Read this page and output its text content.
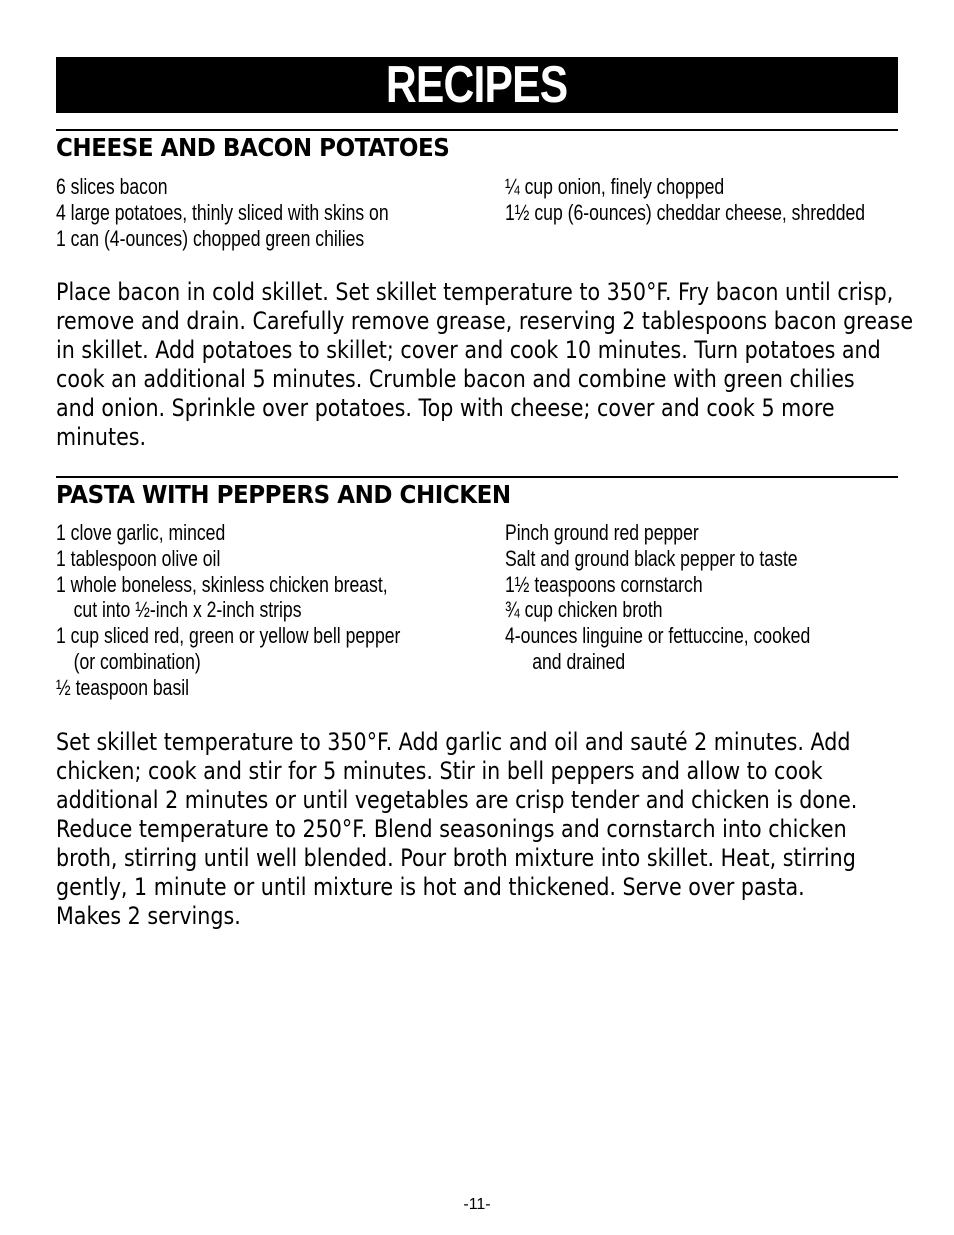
RECIPES
CHEESE AND BACON POTATOES
6 slices bacon
4 large potatoes, thinly sliced with skins on
1 can (4-ounces) chopped green chilies
¼ cup onion, finely chopped
1½ cup (6-ounces) cheddar cheese, shredded
Place bacon in cold skillet. Set skillet temperature to 350°F. Fry bacon until crisp,
remove and drain. Carefully remove grease, reserving 2 tablespoons bacon grease
in skillet. Add potatoes to skillet; cover and cook 10 minutes. Turn potatoes and
cook an additional 5 minutes. Crumble bacon and combine with green chilies
and onion. Sprinkle over potatoes. Top with cheese; cover and cook 5 more
minutes.
PASTA WITH PEPPERS AND CHICKEN
1 clove garlic, minced
1 tablespoon olive oil
1 whole boneless, skinless chicken breast,
cut into ½-inch x 2-inch strips
1 cup sliced red, green or yellow bell pepper
(or combination)
½ teaspoon basil
Pinch ground red pepper
Salt and ground black pepper to taste
1½ teaspoons cornstarch
¾ cup chicken broth
4-ounces linguine or fettuccine, cooked
and drained
Set skillet temperature to 350°F. Add garlic and oil and sauté 2 minutes. Add
chicken; cook and stir for 5 minutes. Stir in bell peppers and allow to cook
additional 2 minutes or until vegetables are crisp tender and chicken is done.
Reduce temperature to 250°F. Blend seasonings and cornstarch into chicken
broth, stirring until well blended. Pour broth mixture into skillet. Heat, stirring
gently, 1 minute or until mixture is hot and thickened. Serve over pasta.
Makes 2 servings.
-11-
